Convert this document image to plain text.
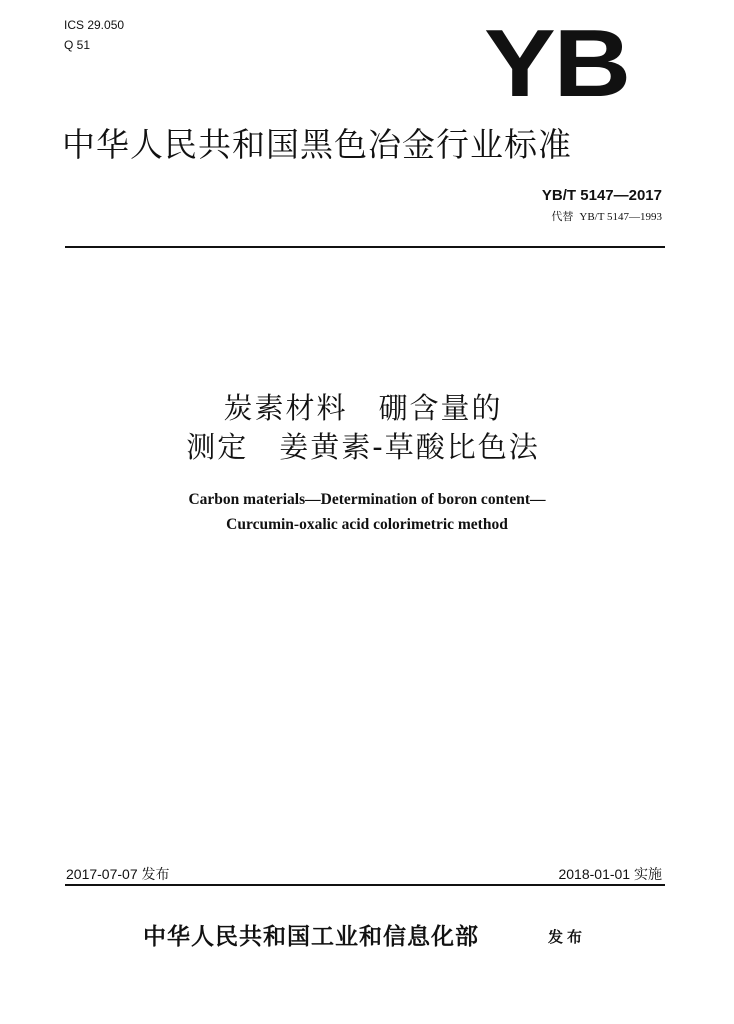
ICS 29.050
Q 51	YB
中华人民共和国黑色冶金行业标准
YB/T 5147—2017
代替 YB/T 5147—1993
炭素材料　硼含量的
测定　姜黄素-草酸比色法
Carbon materials—Determination of boron content—
Curcumin-oxalic acid colorimetric method
2017-07-07 发布	2018-01-01 实施
中华人民共和国工业和信息化部	发布
